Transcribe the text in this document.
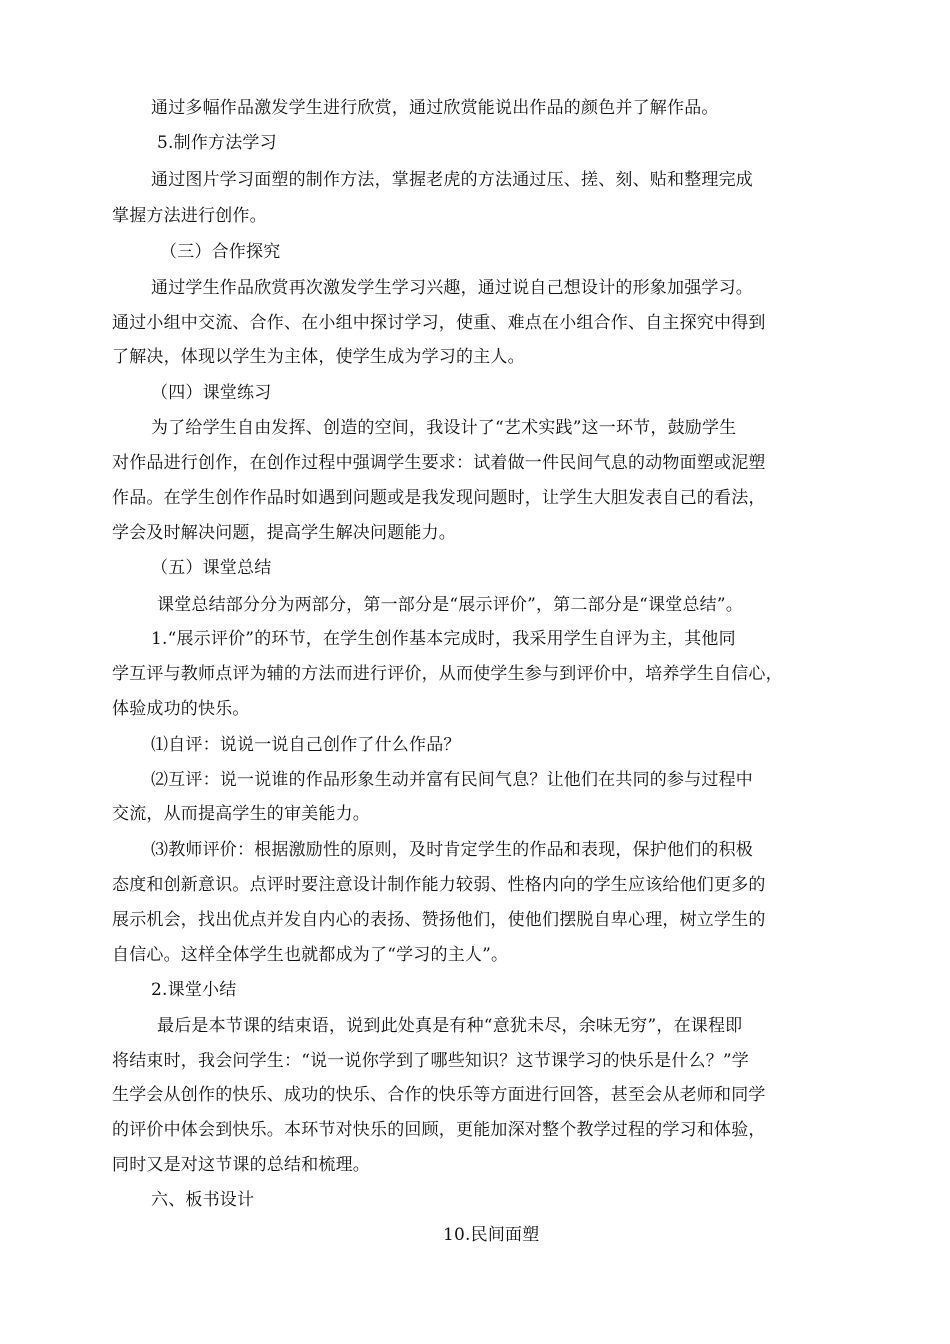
通过多幅作品激发学生进行欣赏，通过欣赏能说出作品的颜色并了解作品。
5.制作方法学习
通过图片学习面塑的制作方法，掌握老虎的方法通过压、搓、刻、贴和整理完成
掌握方法进行创作。
（三）合作探究
通过学生作品欣赏再次激发学生学习兴趣，通过说自己想设计的形象加强学习。
通过小组中交流、合作、在小组中探讨学习，使重、难点在小组合作、自主探究中得到
了解决，体现以学生为主体，使学生成为学习的主人。
（四）课堂练习
为了给学生自由发挥、创造的空间，我设计了“艺术实践”这一环节，鼓励学生
对作品进行创作，在创作过程中强调学生要求：试着做一件民间气息的动物面塑或泥塑
作品。在学生创作作品时如遇到问题或是我发现问题时，让学生大胆发表自己的看法，
学会及时解决问题，提高学生解决问题能力。
（五）课堂总结
课堂总结部分分为两部分，第一部分是“展示评价”，第二部分是“课堂总结”。
1.“展示评价”的环节，在学生创作基本完成时，我采用学生自评为主，其他同
学互评与教师点评为辅的方法而进行评价，从而使学生参与到评价中，培养学生自信心，
体验成功的快乐。
⑴自评：说说一说自己创作了什么作品？
⑵互评：说一说谁的作品形象生动并富有民间气息？让他们在共同的参与过程中
交流，从而提高学生的审美能力。
⑶教师评价：根据激励性的原则，及时肯定学生的作品和表现，保护他们的积极
态度和创新意识。点评时要注意设计制作能力较弱、性格内向的学生应该给他们更多的
展示机会，找出优点并发自内心的表扬、赞扬他们，使他们摆脱自卑心理，树立学生的
自信心。这样全体学生也就都成为了“学习的主人”。
2.课堂小结
最后是本节课的结束语，说到此处真是有种“意犹未尽，余味无穷”，在课程即
将结束时，我会问学生：“说一说你学到了哪些知识？这节课学习的快乐是什么？”学
生学会从创作的快乐、成功的快乐、合作的快乐等方面进行回答，甚至会从老师和同学
的评价中体会到快乐。本环节对快乐的回顾，更能加深对整个教学过程的学习和体验，
同时又是对这节课的总结和梳理。
六、板书设计
10.民间面塑
